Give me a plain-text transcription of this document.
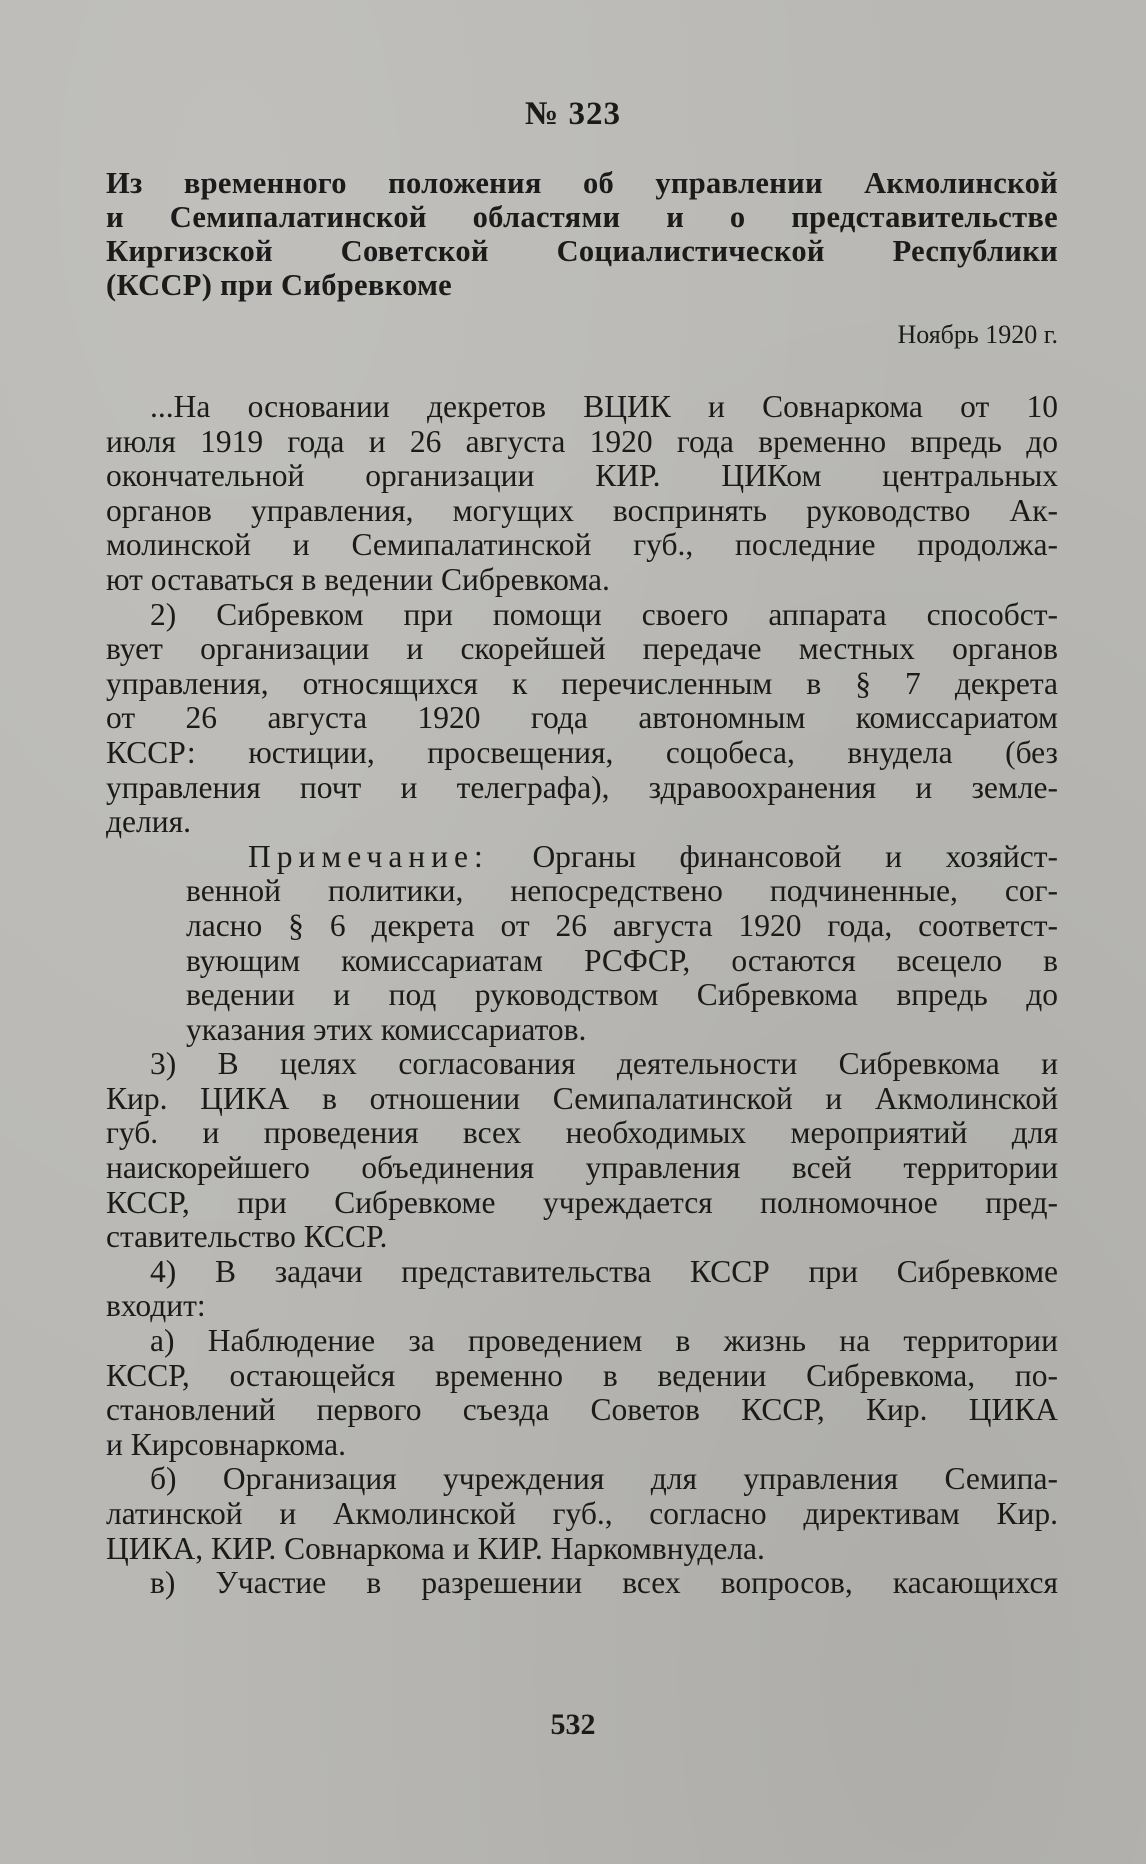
№ 323
Из временного положения об управлении Акмолинской
и Семипалатинской областями и о представительстве
Киргизской Советской Социалистической Республики
(КССР) при Сибревкоме
Ноябрь 1920 г.
...На основании декретов ВЦИК и Совнаркома от 10
июля 1919 года и 26 августа 1920 года временно впредь до
окончательной организации КИР. ЦИКом центральных
органов управления, могущих воспринять руководство Ак-
молинской и Семипалатинской губ., последние продолжа-
ют оставаться в ведении Сибревкома.
2) Сибревком при помощи своего аппарата способст-
вует организации и скорейшей передаче местных органов
управления, относящихся к перечисленным в § 7 декрета
от 26 августа 1920 года автономным комиссариатом
КССР: юстиции, просвещения, соцобеса, внудела (без
управления почт и телеграфа), здравоохранения и земле-
делия.
Примечание: Органы финансовой и хозяйст-
венной политики, непосредствено подчиненные, сог-
ласно § 6 декрета от 26 августа 1920 года, соответст-
вующим комиссариатам РСФСР, остаются всецело в
ведении и под руководством Сибревкома впредь до
указания этих комиссариатов.
3) В целях согласования деятельности Сибревкома и
Кир. ЦИКА в отношении Семипалатинской и Акмолинской
губ. и проведения всех необходимых мероприятий для
наискорейшего объединения управления всей территории
КССР, при Сибревкоме учреждается полномочное пред-
ставительство КССР.
4) В задачи представительства КССР при Сибревкоме
входит:
а) Наблюдение за проведением в жизнь на территории
КССР, остающейся временно в ведении Сибревкома, по-
становлений первого съезда Советов КССР, Кир. ЦИКА
и Кирсовнаркома.
б) Организация учреждения для управления Семипа-
латинской и Акмолинской губ., согласно директивам Кир.
ЦИКА, КИР. Совнаркома и КИР. Наркомвнудела.
в) Участие в разрешении всех вопросов, касающихся
532
